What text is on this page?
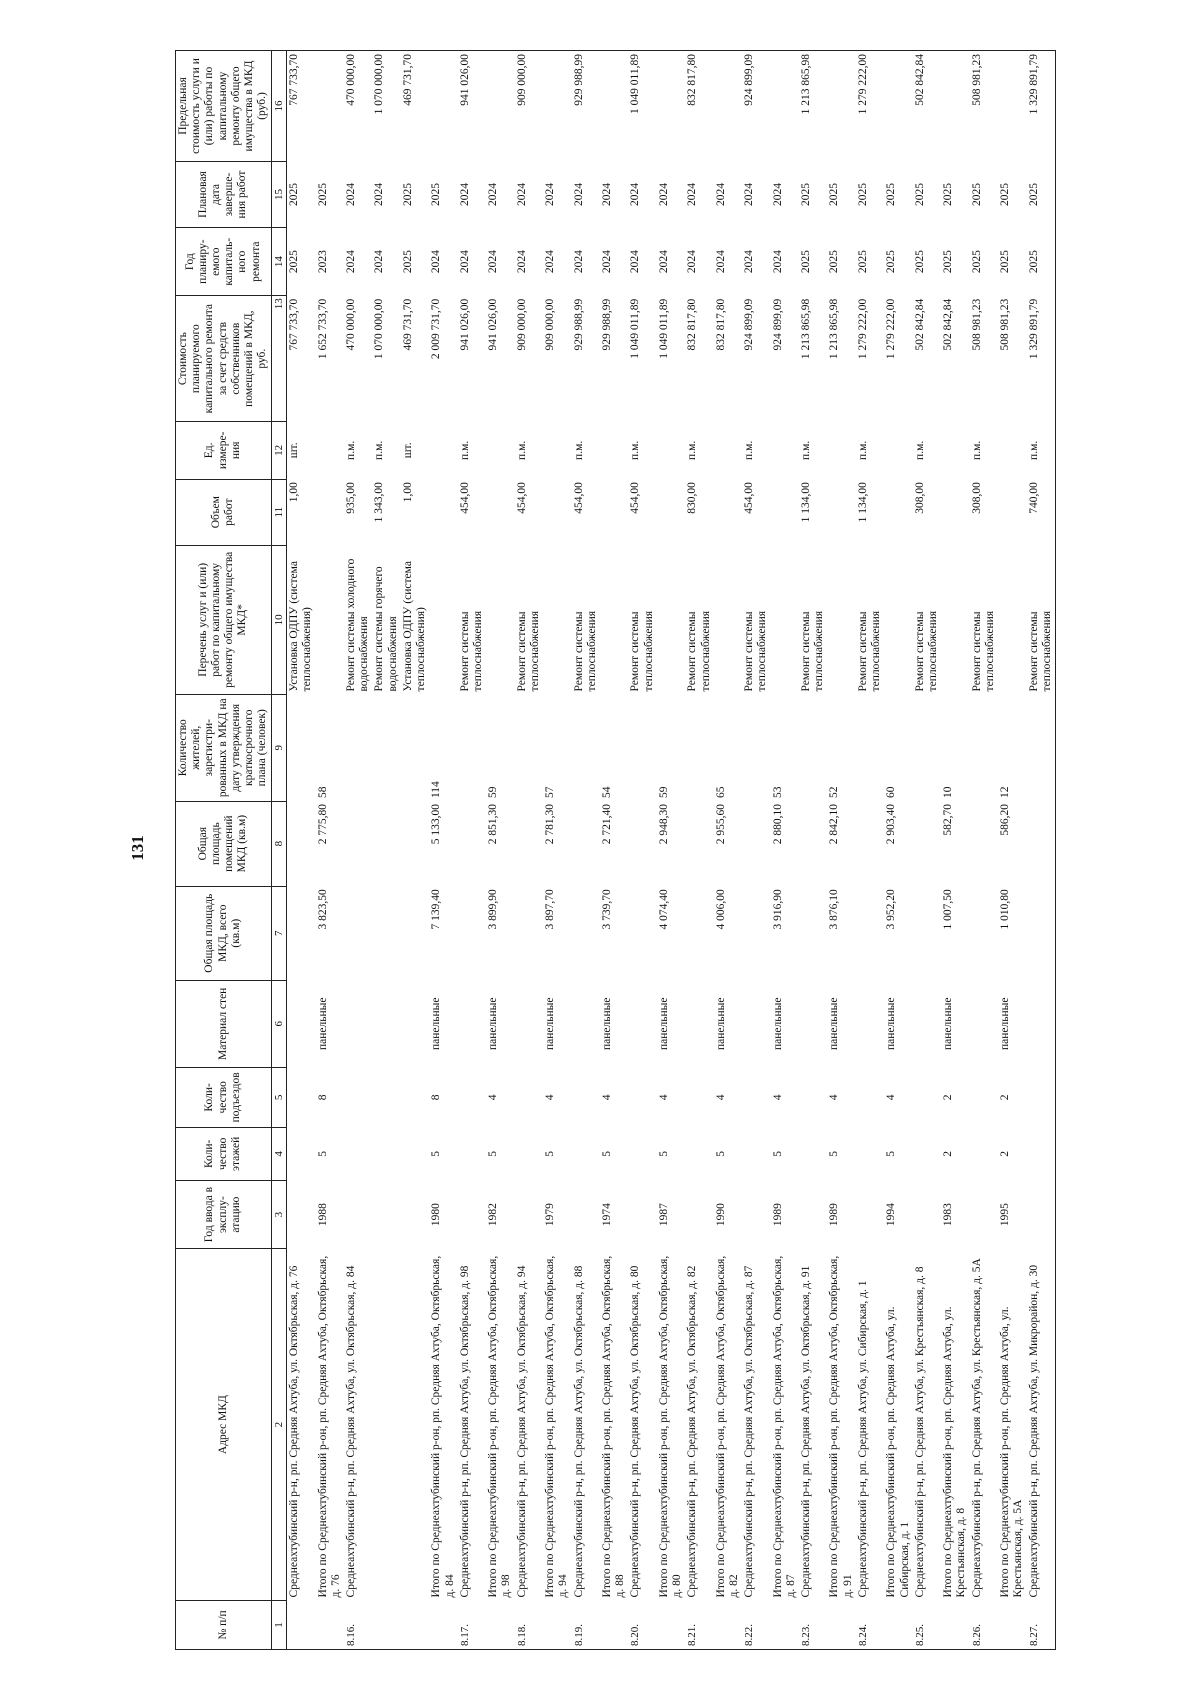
131
№ п/п	Адрес МКД	Год ввода в эксплу-атацию	Коли-чество этажей	Коли-чество подъездов	Материал стен	Общая площадь МКД, всего (кв.м)	Общая площадь помещений МКД (кв.м)	Количество жителей, зарегистри-рованных в МКД на дату утверждения краткосрочного плана (человек)	Перечень услуг и (или) работ по капитальному ремонту общего имущества МКД*	Объем работ	Ед. измере-ния	Стоимость планируемого капитального ремонта за счет средств собственников помещений в МКД, руб.	Год планиру-емого капиталь-ного ремонта	Плановая дата заверше-ния работ	Предельная стоимость услуги и (или) работы по капитальному ремонту общего имущества в МКД (руб.)
1	2	3	4	5	6	7	8	9	10	11	12	13	14	15	16
	Среднеахтубинский р-н, рп. Средняя Ахтуба, ул. Октябрьская, д. 76								Установка ОДПУ (система теплоснабжения)	1,00	шт.	767 733,70	2025	2025	767 733,70
	Итого по Среднеахтубинский р-он, рп. Средняя Ахтуба, Октябрьская, д. 76	1988	5	8	панельные	3 823,50	2 775,80	58				1 652 733,70	2023	2025	
8.16.	Среднеахтубинский р-н, рп. Средняя Ахтуба, ул. Октябрьская, д. 84								Ремонт системы холодного водоснабжения	935,00	п.м.	470 000,00	2024	2024	470 000,00
									Ремонт системы горячего водоснабжения	1 343,00	п.м.	1 070 000,00	2024	2024	1 070 000,00
									Установка ОДПУ (система теплоснабжения)	1,00	шт.	469 731,70	2025	2025	469 731,70
	Итого по Среднеахтубинский р-он, рп. Средняя Ахтуба, Октябрьская, д. 84	1980	5	8	панельные	7 139,40	5 133,00	114				2 009 731,70	2024	2025	
8.17.	Среднеахтубинский р-н, рп. Средняя Ахтуба, ул. Октябрьская, д. 98								Ремонт системы теплоснабжения	454,00	п.м.	941 026,00	2024	2024	941 026,00
	Итого по Среднеахтубинский р-он, рп. Средняя Ахтуба, Октябрьская, д. 98	1982	5	4	панельные	3 899,90	2 851,30	59				941 026,00	2024	2024	
8.18.	Среднеахтубинский р-н, рп. Средняя Ахтуба, ул. Октябрьская, д. 94								Ремонт системы теплоснабжения	454,00	п.м.	909 000,00	2024	2024	909 000,00
	Итого по Среднеахтубинский р-он, рп. Средняя Ахтуба, Октябрьская, д. 94	1979	5	4	панельные	3 897,70	2 781,30	57				909 000,00	2024	2024	
8.19.	Среднеахтубинский р-н, рп. Средняя Ахтуба, ул. Октябрьская, д. 88								Ремонт системы теплоснабжения	454,00	п.м.	929 988,99	2024	2024	929 988,99
	Итого по Среднеахтубинский р-он, рп. Средняя Ахтуба, Октябрьская, д. 88	1974	5	4	панельные	3 739,70	2 721,40	54				929 988,99	2024	2024	
8.20.	Среднеахтубинский р-н, рп. Средняя Ахтуба, ул. Октябрьская, д. 80								Ремонт системы теплоснабжения	454,00	п.м.	1 049 011,89	2024	2024	1 049 011,89
	Итого по Среднеахтубинский р-он, рп. Средняя Ахтуба, Октябрьская, д. 80	1987	5	4	панельные	4 074,40	2 948,30	59				1 049 011,89	2024	2024	
8.21.	Среднеахтубинский р-н, рп. Средняя Ахтуба, ул. Октябрьская, д. 82								Ремонт системы теплоснабжения	830,00	п.м.	832 817,80	2024	2024	832 817,80
	Итого по Среднеахтубинский р-он, рп. Средняя Ахтуба, Октябрьская, д. 82	1990	5	4	панельные	4 006,00	2 955,60	65				832 817,80	2024	2024	
8.22.	Среднеахтубинский р-н, рп. Средняя Ахтуба, ул. Октябрьская, д. 87								Ремонт системы теплоснабжения	454,00	п.м.	924 899,09	2024	2024	924 899,09
	Итого по Среднеахтубинский р-он, рп. Средняя Ахтуба, Октябрьская, д. 87	1989	5	4	панельные	3 916,90	2 880,10	53				924 899,09	2024	2024	
8.23.	Среднеахтубинский р-н, рп. Средняя Ахтуба, ул. Октябрьская, д. 91								Ремонт системы теплоснабжения	1 134,00	п.м.	1 213 865,98	2025	2025	1 213 865,98
	Итого по Среднеахтубинский р-он, рп. Средняя Ахтуба, Октябрьская, д. 91	1989	5	4	панельные	3 876,10	2 842,10	52				1 213 865,98	2025	2025	
8.24.	Среднеахтубинский р-н, рп. Средняя Ахтуба, ул. Сибирская, д. 1								Ремонт системы теплоснабжения	1 134,00	п.м.	1 279 222,00	2025	2025	1 279 222,00
	Итого по Среднеахтубинский р-он, рп. Средняя Ахтуба, ул. Сибирская, д. 1	1994	5	4	панельные	3 952,20	2 903,40	60				1 279 222,00	2025	2025	
8.25.	Среднеахтубинский р-н, рп. Средняя Ахтуба, ул. Крестьянская, д. 8								Ремонт системы теплоснабжения	308,00	п.м.	502 842,84	2025	2025	502 842,84
	Итого по Среднеахтубинский р-он, рп. Средняя Ахтуба, ул. Крестьянская, д. 8	1983	2	2	панельные	1 007,50	582,70	10				502 842,84	2025	2025	
8.26.	Среднеахтубинский р-н, рп. Средняя Ахтуба, ул. Крестьянская, д. 5А								Ремонт системы теплоснабжения	308,00	п.м.	508 981,23	2025	2025	508 981,23
	Итого по Среднеахтубинский р-он, рп. Средняя Ахтуба, ул. Крестьянская, д. 5А	1995	2	2	панельные	1 010,80	586,20	12				508 981,23	2025	2025	
8.27.	Среднеахтубинский р-н, рп. Средняя Ахтуба, ул. Микрорайон, д. 30								Ремонт системы теплоснабжения	740,00	п.м.	1 329 891,79	2025	2025	1 329 891,79
